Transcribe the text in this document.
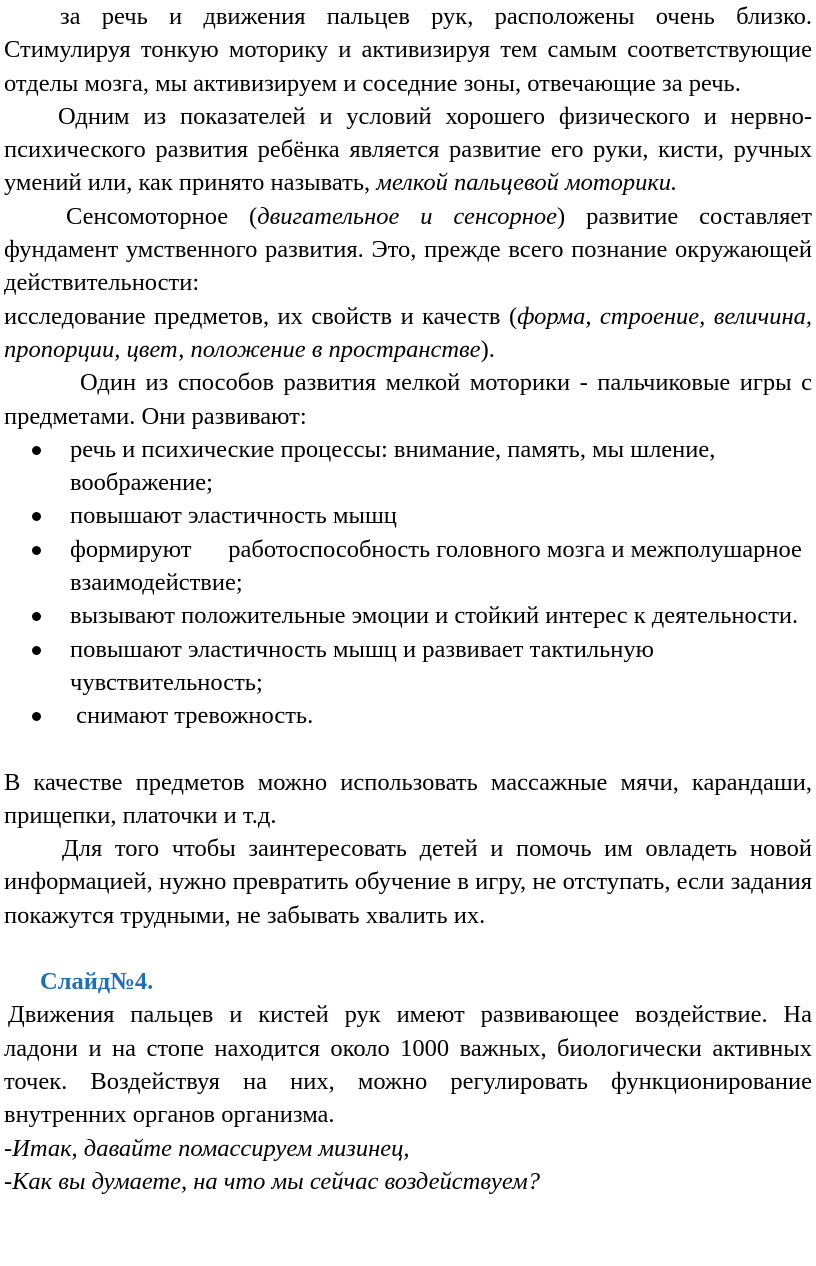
за речь и движения пальцев рук, расположены очень близко. Стимулируя тонкую моторику и активизируя тем самым соответствующие отделы мозга, мы активизируем и соседние зоны, отвечающие за речь.

Одним из показателей и условий хорошего физического и нервно-психического развития ребёнка является развитие его руки, кисти, ручных умений или, как принято называть, мелкой пальцевой моторики.

Сенсомоторное (двигательное и сенсорное) развитие составляет фундамент умственного развития. Это, прежде всего познание окружающей действительности:

исследование предметов, их свойств и качеств (форма, строение, величина, пропорции, цвет, положение в пространстве).

Один из способов развития мелкой моторики - пальчиковые игры с предметами. Они развивают:

речь и психические процессы: внимание, память, мы шление, воображение;
повышают эластичность мышц
формируют      работоспособность головного мозга и межполушарное взаимодействие;
вызывают положительные эмоции и стойкий интерес к деятельности.
повышают эластичность мышц и развивает тактильную чувствительность;
снимают тревожность.

В качестве предметов можно использовать массажные мячи, карандаши, прищепки, платочки и т.д.

Для того чтобы заинтересовать детей и помочь им овладеть новой информацией, нужно превратить обучение в игру, не отступать, если задания покажутся трудными, не забывать хвалить их.

Слайд№4.

Движения пальцев и кистей рук имеют развивающее воздействие. На ладони и на стопе находится около 1000 важных, биологически активных точек. Воздействуя на них, можно регулировать функционирование внутренних органов организма.

-Итак, давайте помассируем мизинец,

-Как вы думаете, на что мы сейчас воздействуем?
